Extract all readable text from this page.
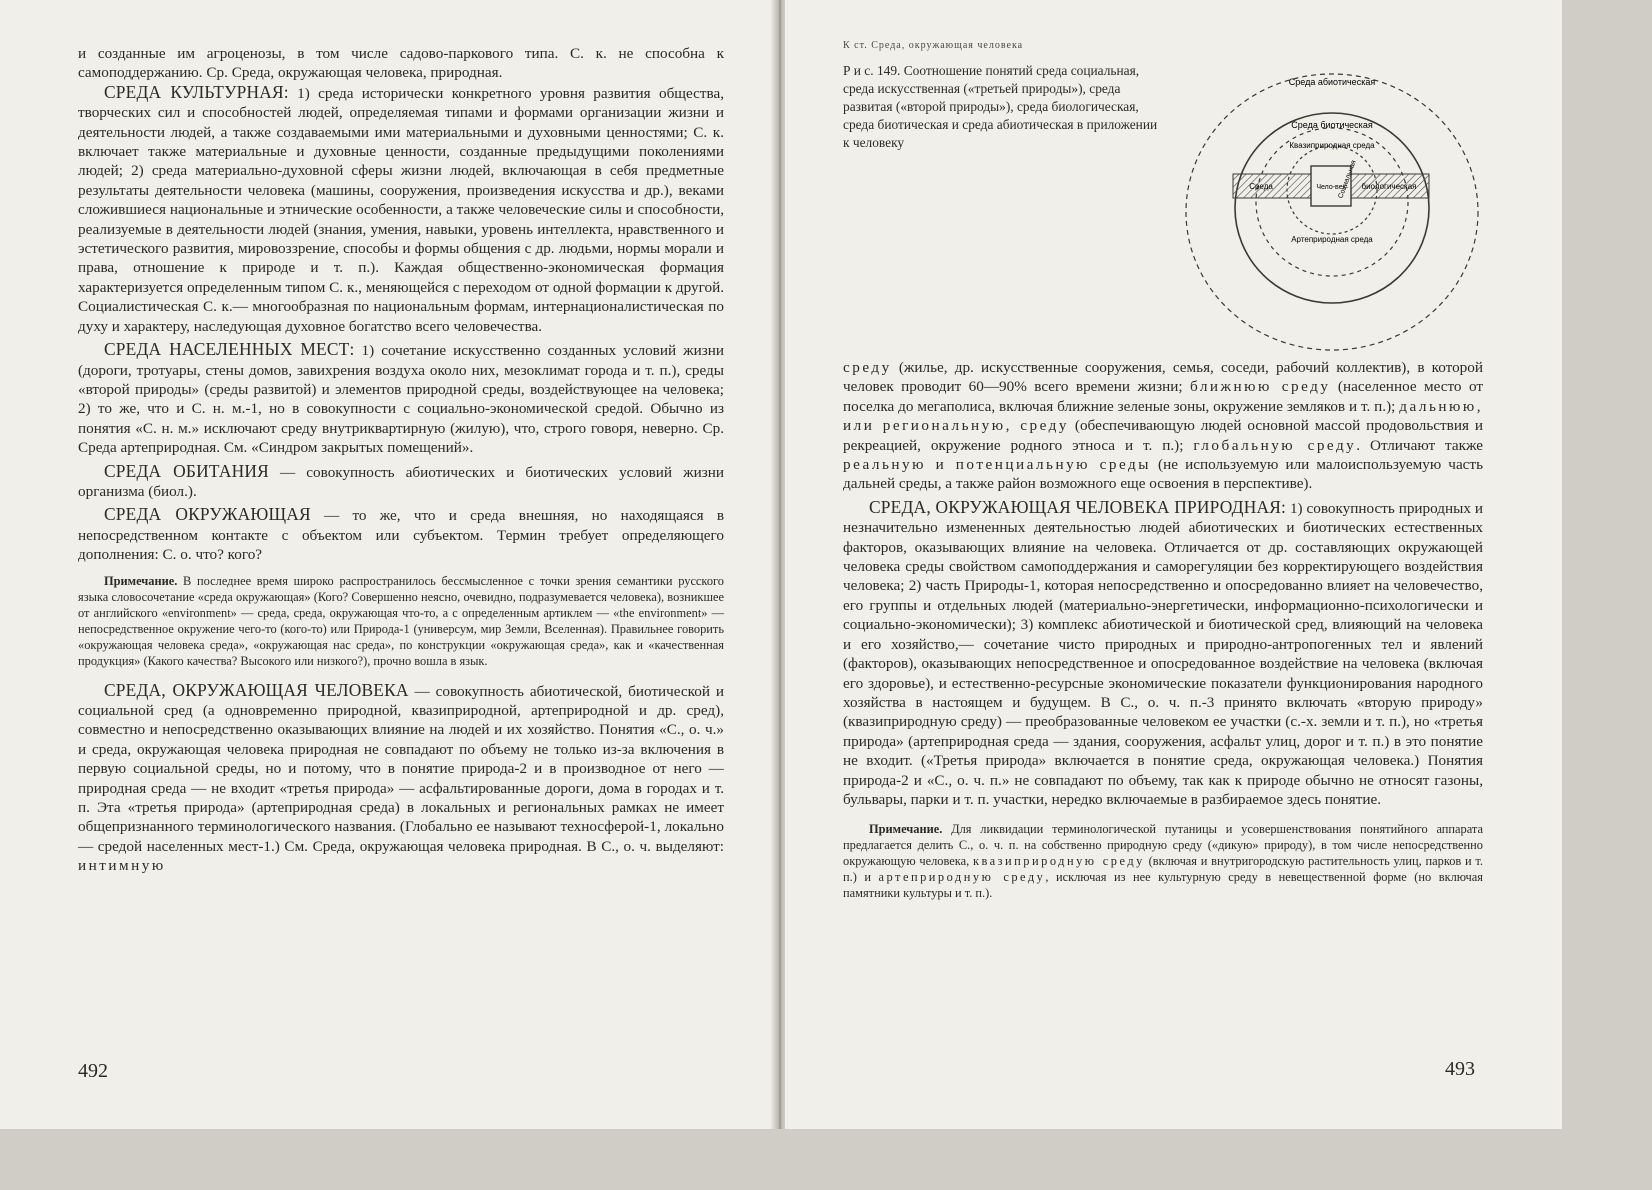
и созданные им агроценозы, в том числе садово-паркового типа. С. к. не способна к самоподдержанию. Ср. Среда, окружающая человека, природная.

СРЕДА КУЛЬТУРНАЯ: 1) среда исторически конкретного уровня развития общества, творческих сил и способностей людей, определяемая типами и формами организации жизни и деятельности людей, а также создаваемыми ими материальными и духовными ценностями; С. к. включает также материальные и духовные ценности, созданные предыдущими поколениями людей; 2) среда материально-духовной сферы жизни людей, включающая в себя предметные результаты деятельности человека (машины, сооружения, произведения искусства и др.), веками сложившиеся национальные и этнические особенности, а также человеческие силы и способности, реализуемые в деятельности людей (знания, умения, навыки, уровень интеллекта, нравственного и эстетического развития, мировоззрение, способы и формы общения с др. людьми, нормы морали и права, отношение к природе и т. п.). Каждая общественно-экономическая формация характеризуется определенным типом С. к., меняющейся с переходом от одной формации к другой. Социалистическая С. к.— многообразная по национальным формам, интернационалистическая по духу и характеру, наследующая духовное богатство всего человечества.

СРЕДА НАСЕЛЕННЫХ МЕСТ: 1) сочетание искусственно созданных условий жизни (дороги, тротуары, стены домов, завихрения воздуха около них, мезоклимат города и т. п.), среды «второй природы» (среды развитой) и элементов природной среды, воздействующее на человека; 2) то же, что и С. н. м.-1, но в совокупности с социально-экономической средой. Обычно из понятия «С. н. м.» исключают среду внутриквартирную (жилую), что, строго говоря, неверно. Ср. Среда артеприродная. См. «Синдром закрытых помещений».

СРЕДА ОБИТАНИЯ — совокупность абиотических и биотических условий жизни организма (биол.).

СРЕДА ОКРУЖАЮЩАЯ — то же, что и среда внешняя, но находящаяся в непосредственном контакте с объектом или субъектом. Термин требует определяющего дополнения: С. о. что? кого?

Примечание. В последнее время широко распространилось бессмысленное с точки зрения семантики русского языка словосочетание «среда окружающая» (Кого? Совершенно неясно, очевидно, подразумевается человека), возникшее от английского «environment» — среда, среда, окружающая что-то, а с определенным артиклем — «the environment» — непосредственное окружение чего-то (кого-то) или Природа-1 (универсум, мир Земли, Вселенная). Правильнее говорить «окружающая человека среда», «окружающая нас среда», по конструкции «окружающая среда», как и «качественная продукция» (Какого качества? Высокого или низкого?), прочно вошла в язык.

СРЕДА, ОКРУЖАЮЩАЯ ЧЕЛОВЕКА — совокупность абиотической, биотической и социальной сред (а одновременно природной, квазиприродной, артеприродной и др. сред), совместно и непосредственно оказывающих влияние на людей и их хозяйство. Понятия «С., о. ч.» и среда, окружающая человека природная не совпадают по объему не только из-за включения в первую социальной среды, но и потому, что в понятие природа-2 и в производное от него — природная среда — не входит «третья природа» — асфальтированные дороги, дома в городах и т. п. Эта «третья природа» (артеприродная среда) в локальных и региональных рамках не имеет общепризнанного терминологического названия. (Глобально ее называют техносферой-1, локально — средой населенных мест-1.) См. Среда, окружающая человека природная. В С., о. ч. выделяют: интимную

492
К ст. Среда, окружающая человека
Р и с. 149. Соотношение понятий среда социальная, среда искусственная («третьей природы»), среда развитая («второй природы»), среда биологическая, среда биотическая и среда абиотическая в приложении к человеку
Среда абиотическая
Среда биотическая
Квазиприродная среда
Среда	Чело-век
Социальная биологическая
Артеприродная среда

среду (жилье, др. искусственные сооружения, семья, соседи, рабочий коллектив), в которой человек проводит 60—90% всего времени жизни; ближнюю среду (населенное место от поселка до мегаполиса, включая ближние зеленые зоны, окружение земляков и т. п.); дальнюю, или региональную, среду (обеспечивающую людей основной массой продовольствия и рекреацией, окружение родного этноса и т. п.); глобальную среду. Отличают также реальную и потенциальную среды (не используемую или малоиспользуемую часть дальней среды, а также район возможного еще освоения в перспективе).

СРЕДА, ОКРУЖАЮЩАЯ ЧЕЛОВЕКА ПРИРОДНАЯ: 1) совокупность природных и незначительно измененных деятельностью людей абиотических и биотических естественных факторов, оказывающих влияние на человека. Отличается от др. составляющих окружающей человека среды свойством самоподдержания и саморегуляции без корректирующего воздействия человека; 2) часть Природы-1, которая непосредственно и опосредованно влияет на человечество, его группы и отдельных людей (материально-энергетически, информационно-психологически и социально-экономически); 3) комплекс абиотической и биотической сред, влияющий на человека и его хозяйство,— сочетание чисто природных и природно-антропогенных тел и явлений (факторов), оказывающих непосредственное и опосредованное воздействие на человека (включая его здоровье), и естественно-ресурсные экономические показатели функционирования народного хозяйства в настоящем и будущем. В С., о. ч. п.-3 принято включать «вторую природу» (квазиприродную среду) — преобразованные человеком ее участки (с.-х. земли и т. п.), но «третья природа» (артеприродная среда — здания, сооружения, асфальт улиц, дорог и т. п.) в это понятие не входит. («Третья природа» включается в понятие среда, окружающая человека.) Понятия природа-2 и «С., о. ч. п.» не совпадают по объему, так как к природе обычно не относят газоны, бульвары, парки и т. п. участки, нередко включаемые в разбираемое здесь понятие.

Примечание. Для ликвидации терминологической путаницы и усовершенствования понятийного аппарата предлагается делить С., о. ч. п. на собственно природную среду («дикую» природу), в том числе непосредственно окружающую человека, квазиприродную среду (включая и внутригородскую растительность улиц, парков и т. п.) и артеприродную среду, исключая из нее культурную среду в невещественной форме (но включая памятники культуры и т. п.).

493
